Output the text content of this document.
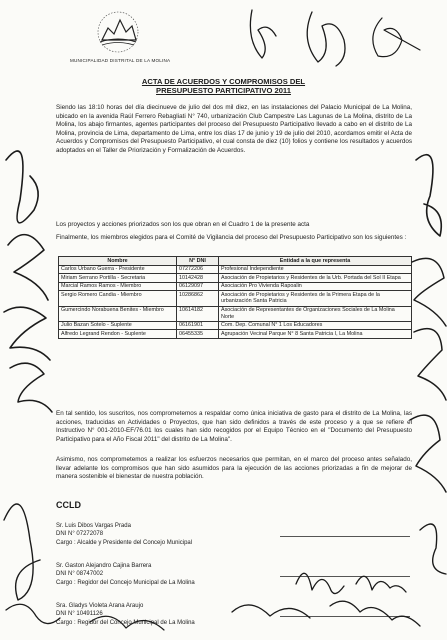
MUNICIPALIDAD DISTRITAL DE LA MOLINA
ACTA DE ACUERDOS Y COMPROMISOS DEL
PRESUPUESTO PARTICIPATIVO 2011

Siendo las 18:10 horas del día diecinueve de julio del dos mil diez, en las instalaciones del Palacio Municipal de La Molina, ubicado en la avenida Raúl Ferrero Rebagliati N° 740, urbanización Club Campestre Las Lagunas de La Molina, distrito de La Molina, los abajo firmantes, agentes participantes del proceso del Presupuesto Participativo llevado a cabo en el distrito de La Molina, provincia de Lima, departamento de Lima, entre los días 17 de junio y 19 de julio del 2010, acordamos emitir el Acta de Acuerdos y Compromisos del Presupuesto Participativo, el cual consta de diez (10) folios y contiene los resultados y acuerdos adoptados en el Taller de Priorización y Formalización de Acuerdos.

Los proyectos y acciones priorizados son los que obran en el Cuadro 1 de la presente acta

Finalmente, los miembros elegidos para el Comité de Vigilancia del proceso del Presupuesto Participativo son los siguientes :

Nombre	N° DNI	Entidad a la que representa
Carlos Urbano Guerra - Presidente	07272206	Profesional Independiente
Miriam Serrano Portilla - Secretaria	10142428	Asociación de Propietarios y Residentes de la Urb. Portada del Sol II Etapa
Marcial Ramos Ramos - Miembro	06129097	Asociación Pro Vivienda Rapoalin
Sergio Romero Candia - Miembro	10286862	Asociación de Propietarios y Residentes de la Primera Etapa de la urbanización Santa Patricia
Gumercindo Norabuena Benites - Miembro	10614182	Asociación de Representantes de Organizaciones Sociales de La Molina Norte
Julio Bazan Sotelo - Suplente	06161901	Com. Dep. Comunal N° 1 Los Educadores
Alfredo Legrand Rendon - Suplente	06455335	Agrupación Vecinal Parque N° 8 Santa Patricia I, La Molina

En tal sentido, los suscritos, nos comprometemos a respaldar como única iniciativa de gasto para el distrito de La Molina, las acciones, traducidas en Actividades o Proyectos, que han sido definidos a través de este proceso y a que se refiere el Instructivo N° 001-2010-EF/76.01 los cuales han sido recogidos por el Equipo Técnico en el "Documento del Presupuesto Participativo para el Año Fiscal 2011" del distrito de La Molina".

Asimismo, nos comprometemos a realizar los esfuerzos necesarios que permitan, en el marco del proceso antes señalado, llevar adelante los compromisos que han sido asumidos para la ejecución de las acciones priorizadas a fin de mejorar de manera sostenible el bienestar de nuestra población.

CCLD
Sr. Luis Dibos Vargas Prada
DNI N° 07272078
Cargo : Alcalde y Presidente del Concejo Municipal
Sr. Gaston Alejandro Cajina Barrera
DNI N° 08747002
Cargo : Regidor del Concejo Municipal de La Molina
Sra. Gladys Violeta Arana Araujo
DNI N° 10491126
Cargo : Regidor del Concejo Municipal de La Molina
